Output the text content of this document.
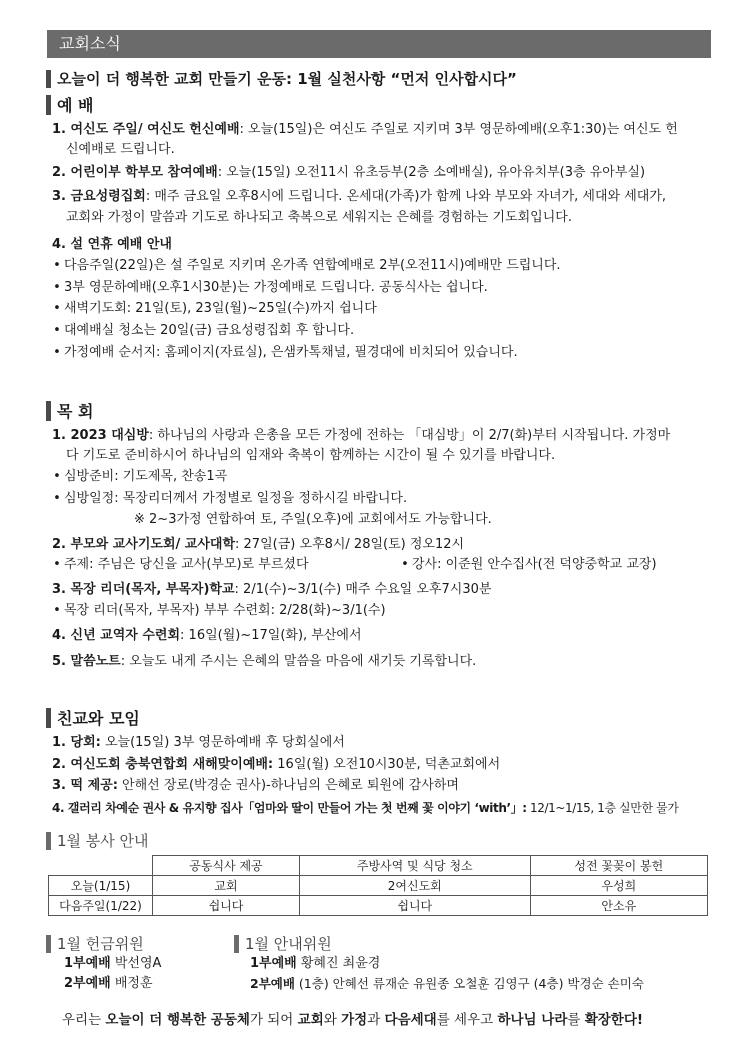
교회소식
오늘이 더 행복한 교회 만들기 운동: 1월 실천사항 “먼저 인사합시다”
예 배
1. 여신도 주일/ 여신도 헌신예배: 오늘(15일)은 여신도 주일로 지키며 3부 영문하예배(오후1:30)는 여신도 헌
신예배로 드립니다.
2. 어린이부 학부모 참여예배: 오늘(15일) 오전11시 유초등부(2층 소예배실), 유아유치부(3층 유아부실)
3. 금요성령집회: 매주 금요일 오후8시에 드립니다. 온세대(가족)가 함께 나와 부모와 자녀가, 세대와 세대가,
교회와 가정이 말씀과 기도로 하나되고 축복으로 세워지는 은혜를 경험하는 기도회입니다.
4. 설 연휴 예배 안내
• 다음주일(22일)은 설 주일로 지키며 온가족 연합예배로 2부(오전11시)예배만 드립니다.
• 3부 영문하예배(오후1시30분)는 가정예배로 드립니다. 공동식사는 쉽니다.
• 새벽기도회: 21일(토), 23일(월)~25일(수)까지 쉽니다
• 대예배실 청소는 20일(금) 금요성령집회 후 합니다.
• 가정예배 순서지: 홈페이지(자료실), 은샘카톡채널, 필경대에 비치되어 있습니다.
목 회
1. 2023 대심방: 하나님의 사랑과 은총을 모든 가정에 전하는 「대심방」이 2/7(화)부터 시작됩니다. 가정마
다 기도로 준비하시어 하나님의 임재와 축복이 함께하는 시간이 될 수 있기를 바랍니다.
• 심방준비: 기도제목, 찬송1곡
• 심방일정: 목장리더께서 가정별로 일정을 정하시길 바랍니다.
※ 2~3가정 연합하여 토, 주일(오후)에 교회에서도 가능합니다.
2. 부모와 교사기도회/ 교사대학: 27일(금) 오후8시/ 28일(토) 정오12시
• 주제: 주님은 당신을 교사(부모)로 부르셨다	• 강사: 이준원 안수집사(전 덕양중학교 교장)
3. 목장 리더(목자, 부목자)학교: 2/1(수)~3/1(수) 매주 수요일 오후7시30분
• 목장 리더(목자, 부목자) 부부 수련회: 2/28(화)~3/1(수)
4. 신년 교역자 수련회: 16일(월)~17일(화), 부산에서
5. 말씀노트: 오늘도 내게 주시는 은혜의 말씀을 마음에 새기듯 기록합니다.
친교와 모임
1. 당회: 오늘(15일) 3부 영문하예배 후 당회실에서
2. 여신도회 충북연합회 새해맞이예배: 16일(월) 오전10시30분, 덕촌교회에서
3. 떡 제공: 안해선 장로(박경순 권사)-하나님의 은혜로 퇴원에 감사하며
4. 갤러리 차예순 권사 & 유지향 집사「엄마와 딸이 만들어 가는 첫 번째 꽃 이야기 ‘with’」: 12/1~1/15, 1층 실만한 물가
1월 봉사 안내
	공동식사 제공	주방사역 및 식당 청소	성전 꽃꽂이 봉헌
오늘(1/15)	교회	2여신도회	우성희
다음주일(1/22)	쉽니다	쉽니다	안소유
1월 헌금위원
1부예배 박선영A
2부예배 배정훈
1월 안내위원
1부예배 황혜진 최윤경
2부예배 (1층) 안혜선 류재순 유원종 오철훈 김영구 (4층) 박경순 손미숙
우리는 오늘이 더 행복한 공동체가 되어 교회와 가정과 다음세대를 세우고 하나님 나라를 확장한다!
